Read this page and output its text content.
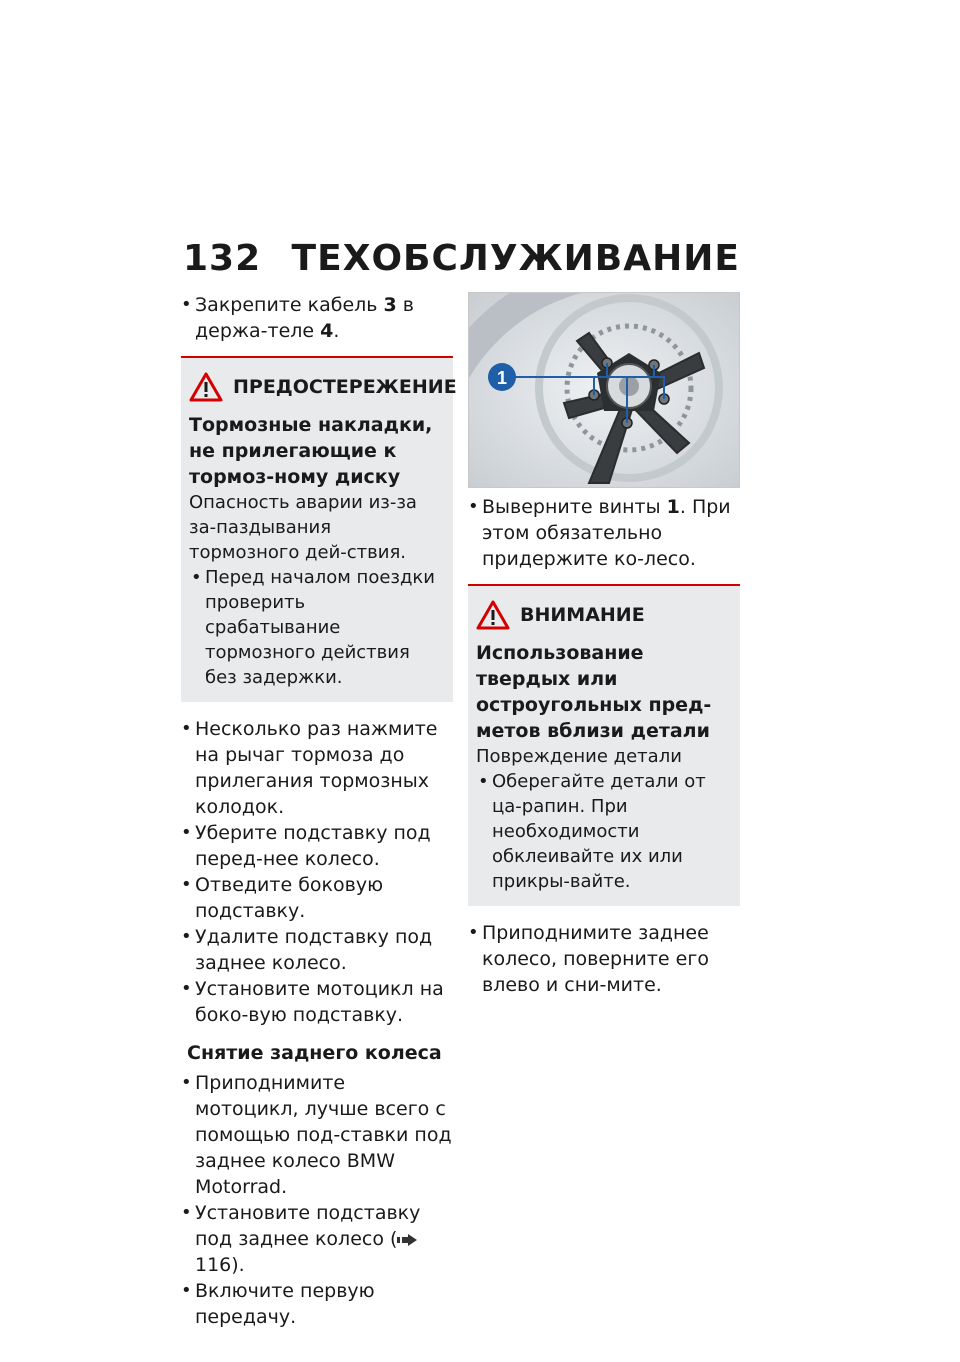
132 ТЕХОБСЛУЖИВАНИЕ

• Закрепите кабель 3 в держа-теле 4.

ПРЕДОСТЕРЕЖЕНИЕ
Тормозные накладки, не прилегающие к тормоз-ному диску
Опасность аварии из-за за-паздывания тормозного дей-ствия.
• Перед началом поездки проверить срабатывание тормозного действия без задержки.

• Несколько раз нажмите на рычаг тормоза до прилегания тормозных колодок.

• Уберите подставку под перед-нее колесо.

• Отведите боковую подставку.

• Удалите подставку под заднее колесо.

• Установите мотоцикл на боко-вую подставку.

Снятие заднего колеса

• Приподнимите мотоцикл, лучше всего с помощью под-ставки под заднее колесо BMW Motorrad.

• Установите подставку под заднее колесо ( 116).

• Включите первую передачу.

1

• Выверните винты 1. При этом обязательно придержите ко-лесо.

ВНИМАНИЕ
Использование твердых или остроугольных пред-метов вблизи детали
Повреждение детали
• Оберегайте детали от ца-рапин. При необходимости обклеивайте их или прикры-вайте.

• Приподнимите заднее колесо, поверните его влево и сни-мите.
